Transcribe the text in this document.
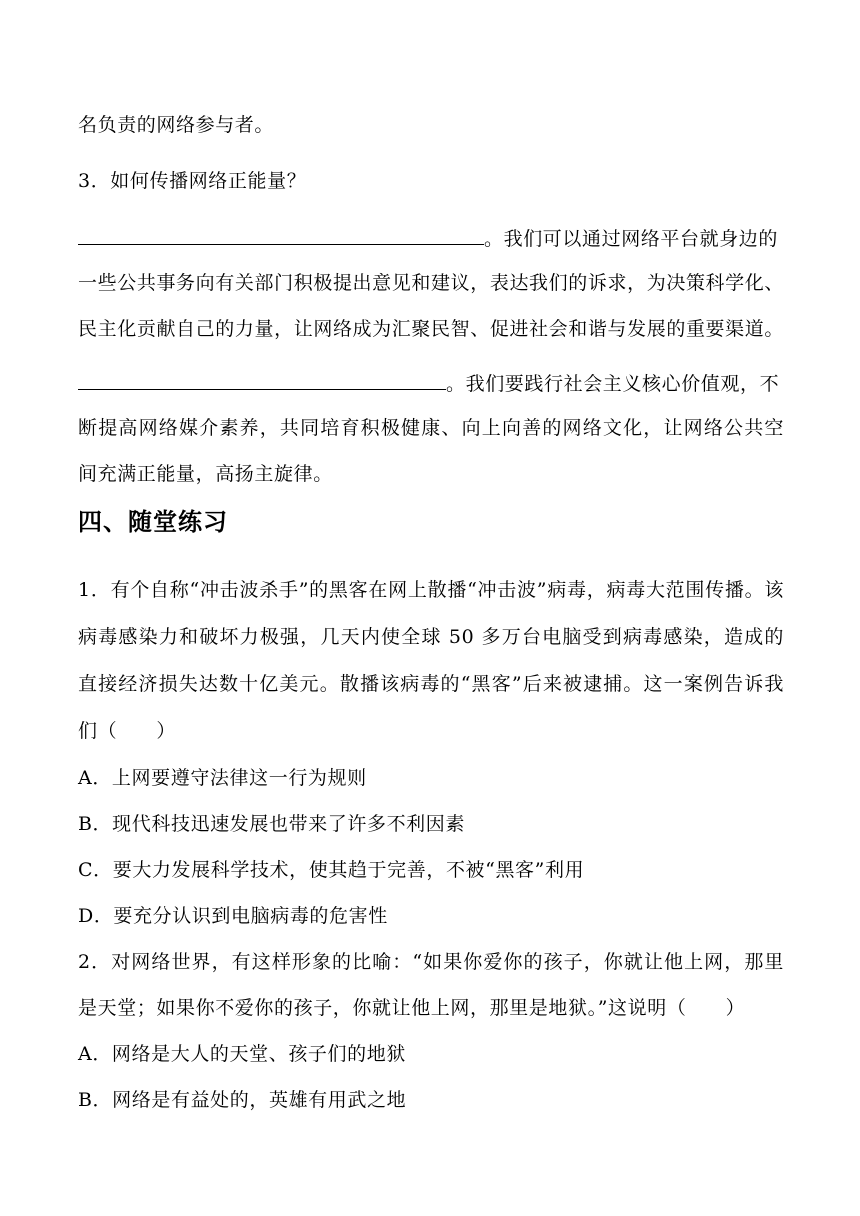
名负责的网络参与者。
3．如何传播网络正能量？
。我们可以通过网络平台就身边的
一些公共事务向有关部门积极提出意见和建议，表达我们的诉求，为决策科学化、
民主化贡献自己的力量，让网络成为汇聚民智、促进社会和谐与发展的重要渠道。
。我们要践行社会主义核心价值观，不
断提高网络媒介素养，共同培育积极健康、向上向善的网络文化，让网络公共空
间充满正能量，高扬主旋律。
四、随堂练习
1．有个自称“冲击波杀手”的黑客在网上散播“冲击波”病毒，病毒大范围传播。该
病毒感染力和破坏力极强，几天内使全球 50 多万台电脑受到病毒感染，造成的
直接经济损失达数十亿美元。散播该病毒的“黑客”后来被逮捕。这一案例告诉我
们（　　）
A．上网要遵守法律这一行为规则
B．现代科技迅速发展也带来了许多不利因素
C．要大力发展科学技术，使其趋于完善，不被“黑客”利用
D．要充分认识到电脑病毒的危害性
2．对网络世界，有这样形象的比喻：“如果你爱你的孩子，你就让他上网，那里
是天堂；如果你不爱你的孩子，你就让他上网，那里是地狱。”这说明（　　）
A．网络是大人的天堂、孩子们的地狱
B．网络是有益处的，英雄有用武之地
